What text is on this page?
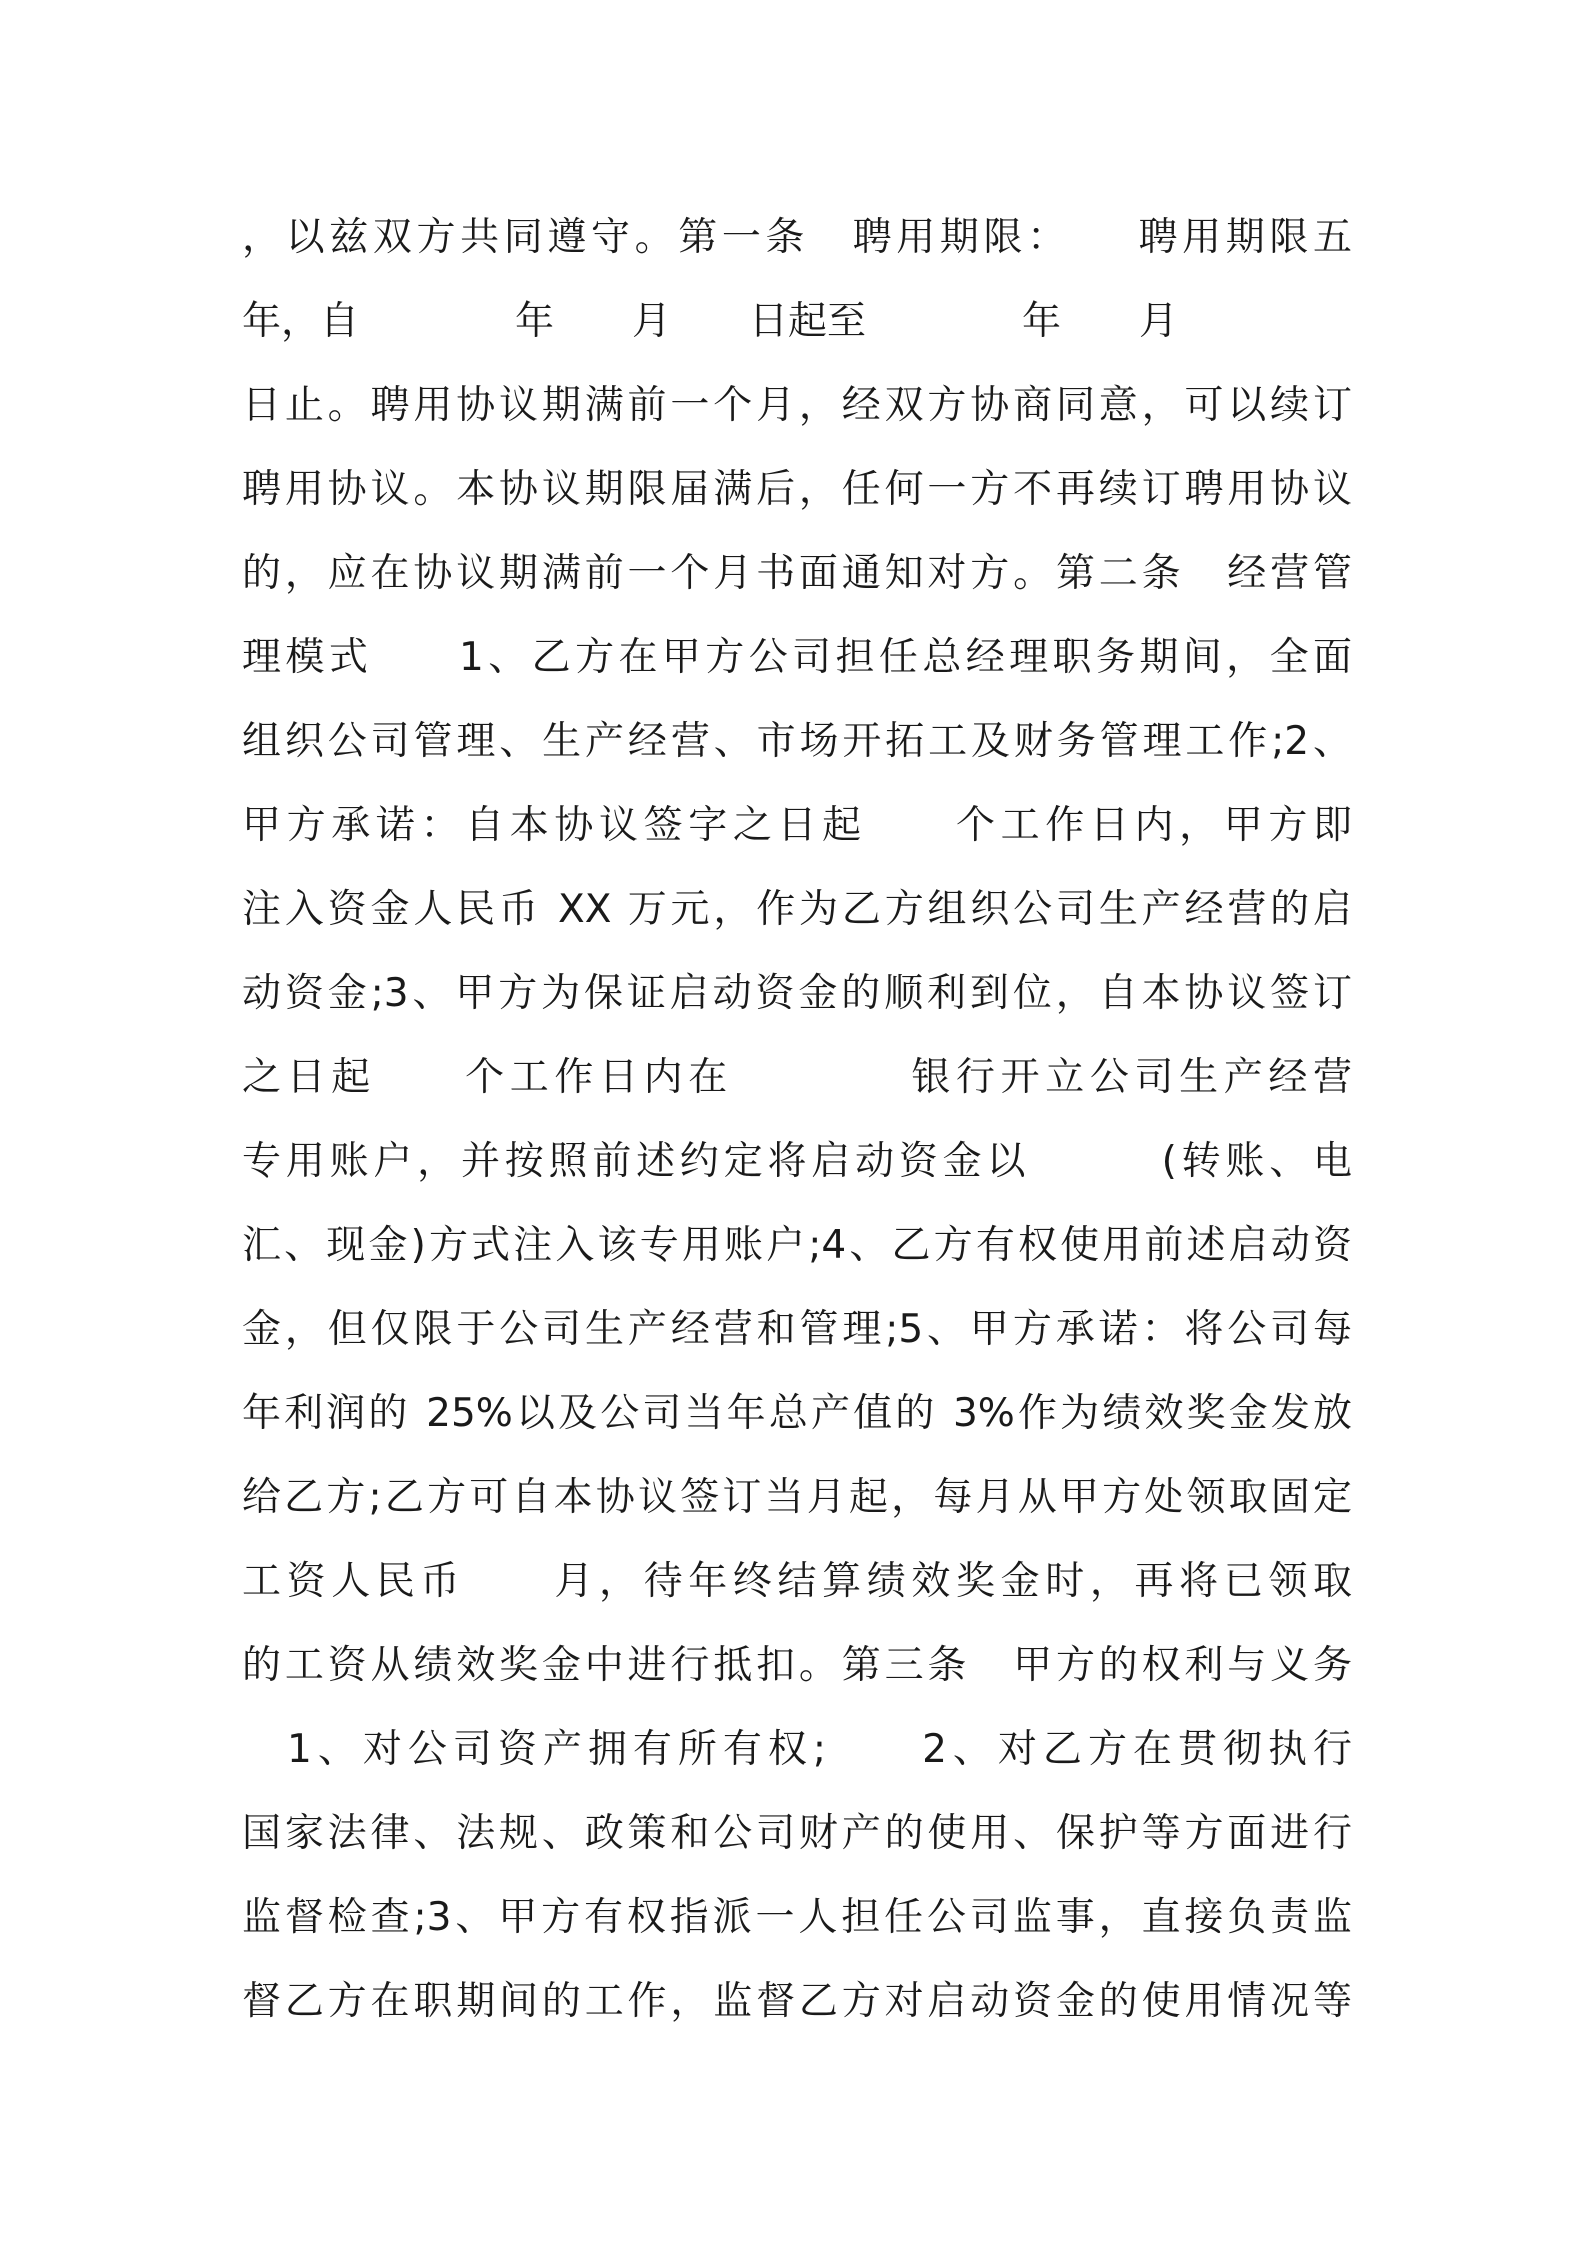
，以兹双方共同遵守。第一条　聘用期限：　　聘用期限五
年，自　　　　年　　月　　日起至　　　　年　　月
日止。聘用协议期满前一个月，经双方协商同意，可以续订
聘用协议。本协议期限届满后，任何一方不再续订聘用协议
的，应在协议期满前一个月书面通知对方。第二条　经营管
理模式　　1、乙方在甲方公司担任总经理职务期间，全面
组织公司管理、生产经营、市场开拓工及财务管理工作;2、
甲方承诺：自本协议签字之日起　　个工作日内，甲方即
注入资金人民币 XX 万元，作为乙方组织公司生产经营的启
动资金;3、甲方为保证启动资金的顺利到位，自本协议签订
之日起　　个工作日内在　　　　银行开立公司生产经营
专用账户，并按照前述约定将启动资金以　　　(转账、电
汇、现金)方式注入该专用账户;4、乙方有权使用前述启动资
金，但仅限于公司生产经营和管理;5、甲方承诺：将公司每
年利润的 25%以及公司当年总产值的 3%作为绩效奖金发放
给乙方;乙方可自本协议签订当月起，每月从甲方处领取固定
工资人民币　　月，待年终结算绩效奖金时，再将已领取
的工资从绩效奖金中进行抵扣。第三条　甲方的权利与义务
　1、对公司资产拥有所有权;　　2、对乙方在贯彻执行
国家法律、法规、政策和公司财产的使用、保护等方面进行
监督检查;3、甲方有权指派一人担任公司监事，直接负责监
督乙方在职期间的工作，监督乙方对启动资金的使用情况等
